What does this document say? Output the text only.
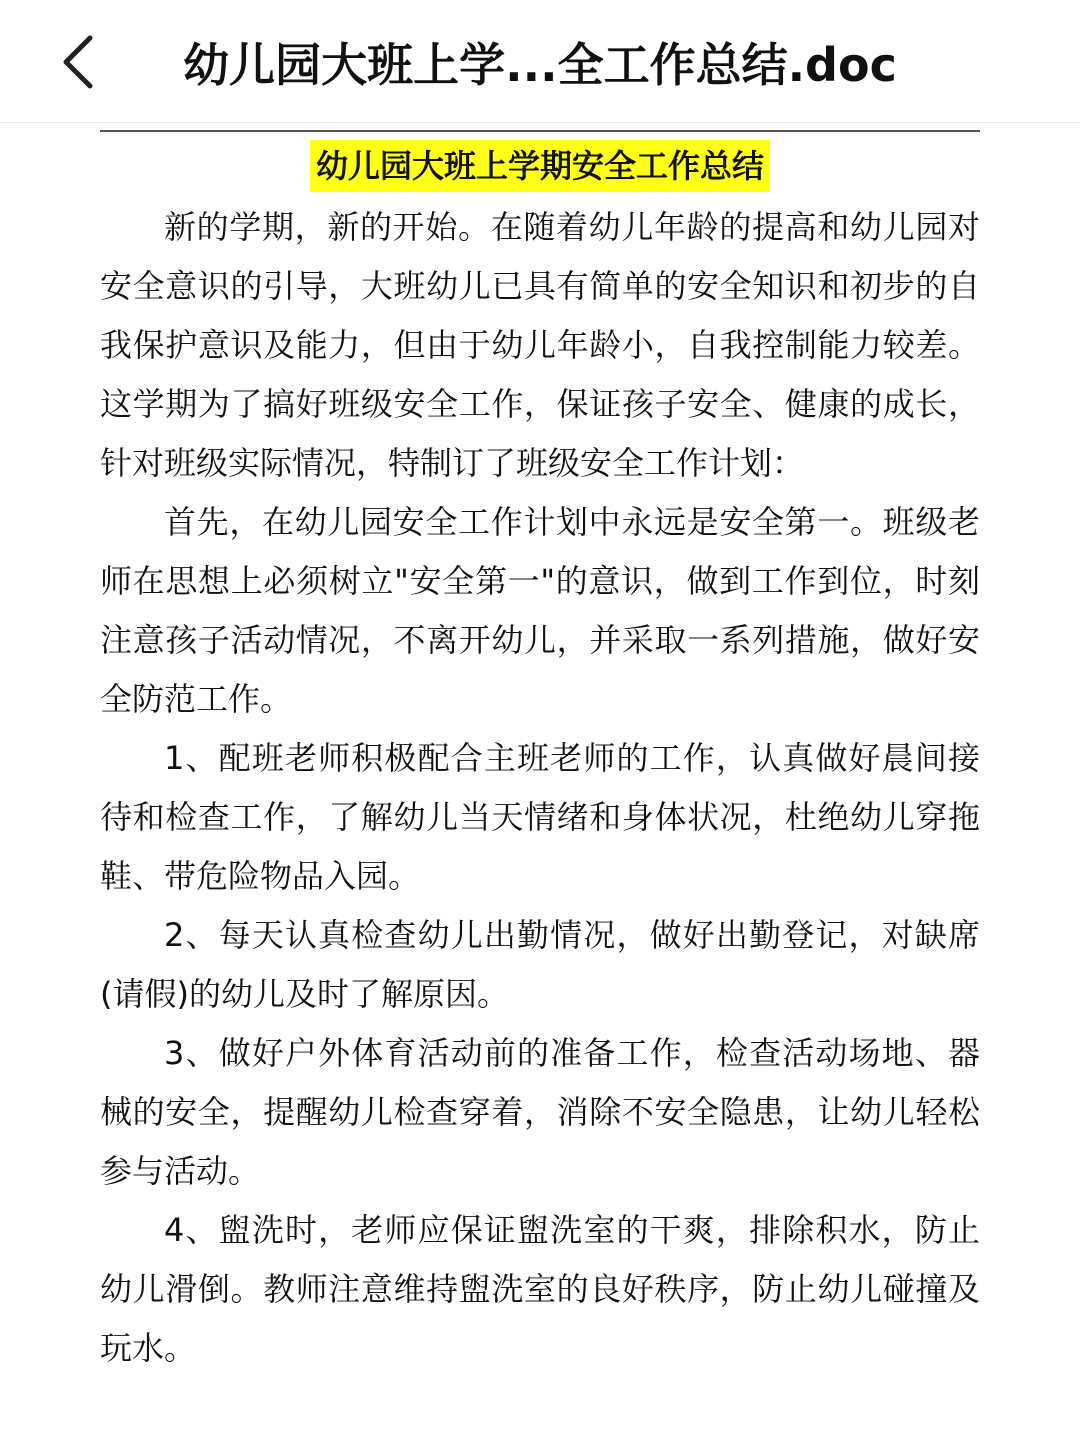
幼儿园大班上学...全工作总结.doc
幼儿园大班上学期安全工作总结

新的学期，新的开始。在随着幼儿年龄的提高和幼儿园对安全意识的引导，大班幼儿已具有简单的安全知识和初步的自我保护意识及能力，但由于幼儿年龄小，自我控制能力较差。这学期为了搞好班级安全工作，保证孩子安全、健康的成长，针对班级实际情况，特制订了班级安全工作计划：

首先，在幼儿园安全工作计划中永远是安全第一。班级老师在思想上必须树立"安全第一"的意识，做到工作到位，时刻注意孩子活动情况，不离开幼儿，并采取一系列措施，做好安全防范工作。

1、配班老师积极配合主班老师的工作，认真做好晨间接待和检查工作，了解幼儿当天情绪和身体状况，杜绝幼儿穿拖鞋、带危险物品入园。

2、每天认真检查幼儿出勤情况，做好出勤登记，对缺席(请假)的幼儿及时了解原因。

3、做好户外体育活动前的准备工作，检查活动场地、器械的安全，提醒幼儿检查穿着，消除不安全隐患，让幼儿轻松参与活动。

4、盥洗时，老师应保证盥洗室的干爽，排除积水，防止幼儿滑倒。教师注意维持盥洗室的良好秩序，防止幼儿碰撞及玩水。
